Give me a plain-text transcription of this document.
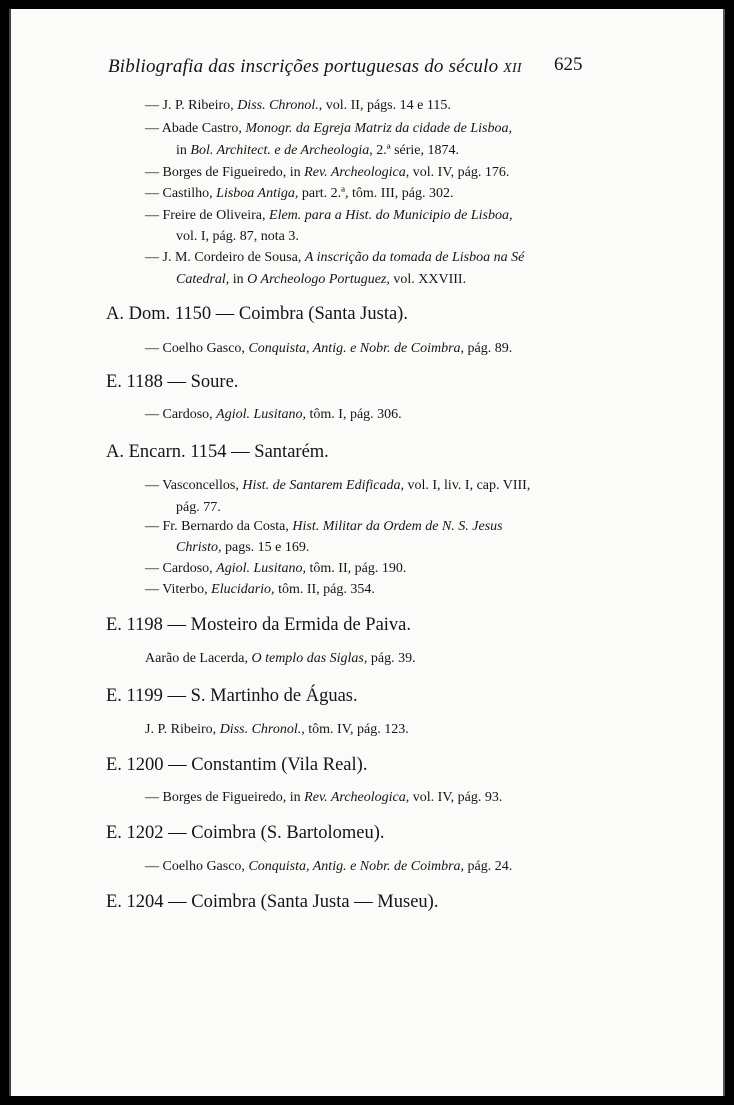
Bibliografia das inscrições portuguesas do século XII	625
— J. P. Ribeiro, Diss. Chronol., vol. II, págs. 14 e 115.
— Abade Castro, Monogr. da Egreja Matriz da cidade de Lisboa,
in Bol. Architect. e de Archeologia, 2.ª série, 1874.
— Borges de Figueiredo, in Rev. Archeologica, vol. IV, pág. 176.
— Castilho, Lisboa Antiga, part. 2.ª, tôm. III, pág. 302.
— Freire de Oliveira, Elem. para a Hist. do Municipio de Lisboa,
vol. I, pág. 87, nota 3.
— J. M. Cordeiro de Sousa, A inscrição da tomada de Lisboa na Sé
Catedral, in O Archeologo Portuguez, vol. XXVIII.
A. Dom. 1150 — Coimbra (Santa Justa).
— Coelho Gasco, Conquista, Antig. e Nobr. de Coimbra, pág. 89.
E. 1188 — Soure.
— Cardoso, Agiol. Lusitano, tôm. I, pág. 306.
A. Encarn. 1154 — Santarém.
— Vasconcellos, Hist. de Santarem Edificada, vol. I, liv. I, cap. VIII,
pág. 77.
— Fr. Bernardo da Costa, Hist. Militar da Ordem de N. S. Jesus
Christo, pags. 15 e 169.
— Cardoso, Agiol. Lusitano, tôm. II, pág. 190.
— Viterbo, Elucidario, tôm. II, pág. 354.
E. 1198 — Mosteiro da Ermida de Paiva.
Aarão de Lacerda, O templo das Siglas, pág. 39.
E. 1199 — S. Martinho de Águas.
J. P. Ribeiro, Diss. Chronol., tôm. IV, pág. 123.
E. 1200 — Constantim (Vila Real).
— Borges de Figueiredo, in Rev. Archeologica, vol. IV, pág. 93.
E. 1202 — Coimbra (S. Bartolomeu).
— Coelho Gasco, Conquista, Antig. e Nobr. de Coimbra, pág. 24.
E. 1204 — Coimbra (Santa Justa — Museu).
